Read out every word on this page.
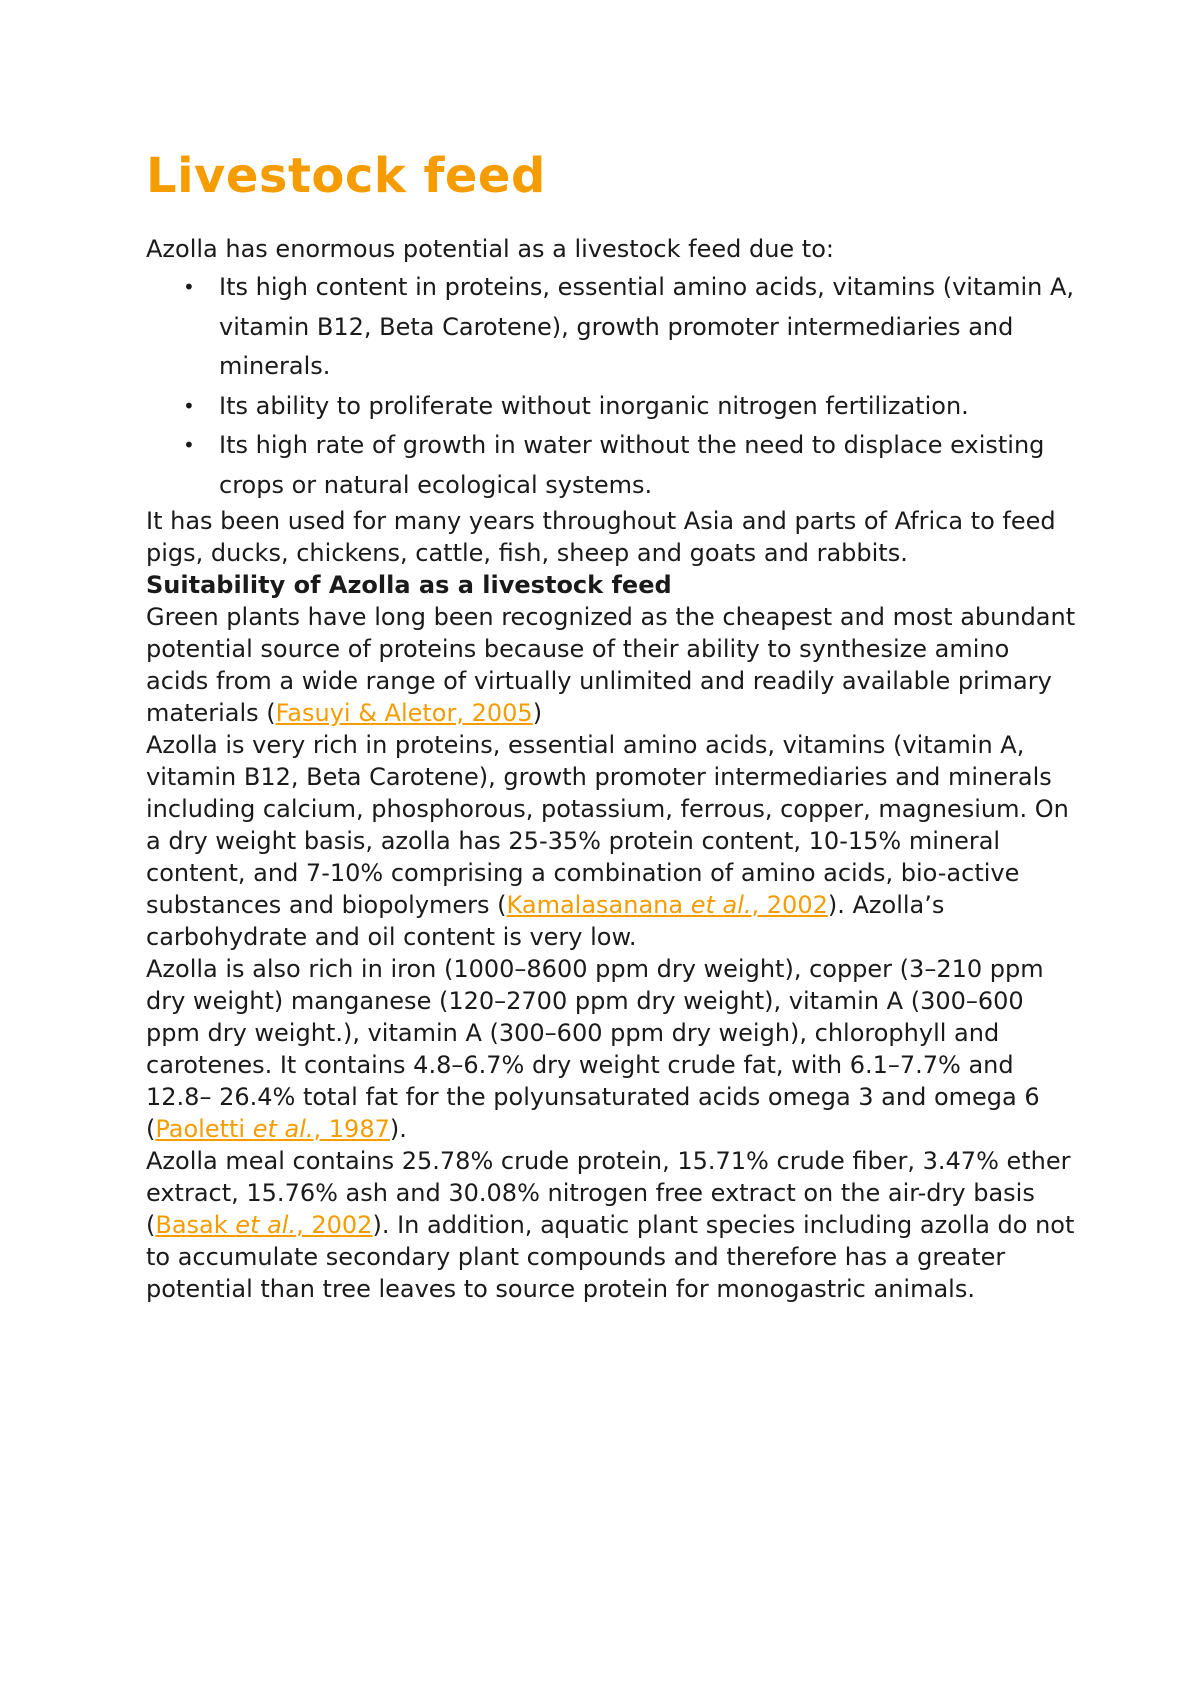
Livestock feed

Azolla has enormous potential as a livestock feed due to:

• Its high content in proteins, essential amino acids, vitamins (vitamin A, vitamin B12, Beta Carotene), growth promoter intermediaries and minerals.
• Its ability to proliferate without inorganic nitrogen fertilization.
• Its high rate of growth in water without the need to displace existing crops or natural ecological systems.

It has been used for many years throughout Asia and parts of Africa to feed pigs, ducks, chickens, cattle, fish, sheep and goats and rabbits.

Suitability of Azolla as a livestock feed

Green plants have long been recognized as the cheapest and most abundant potential source of proteins because of their ability to synthesize amino acids from a wide range of virtually unlimited and readily available primary materials (Fasuyi & Aletor, 2005)

Azolla is very rich in proteins, essential amino acids, vitamins (vitamin A, vitamin B12, Beta Carotene), growth promoter intermediaries and minerals including calcium, phosphorous, potassium, ferrous, copper, magnesium. On a dry weight basis, azolla has 25-35% protein content, 10-15% mineral content, and 7-10% comprising a combination of amino acids, bio-active substances and biopolymers (Kamalasanana et al., 2002). Azolla’s carbohydrate and oil content is very low.

Azolla is also rich in iron (1000–8600 ppm dry weight), copper (3–210 ppm dry weight) manganese (120–2700 ppm dry weight), vitamin A (300–600 ppm dry weight.), vitamin A (300–600 ppm dry weigh), chlorophyll and carotenes. It contains 4.8–6.7% dry weight crude fat, with 6.1–7.7% and 12.8– 26.4% total fat for the polyunsaturated acids omega 3 and omega 6 (Paoletti et al., 1987).

Azolla meal contains 25.78% crude protein, 15.71% crude fiber, 3.47% ether extract, 15.76% ash and 30.08% nitrogen free extract on the air-dry basis (Basak et al., 2002). In addition, aquatic plant species including azolla do not to accumulate secondary plant compounds and therefore has a greater potential than tree leaves to source protein for monogastric animals.
